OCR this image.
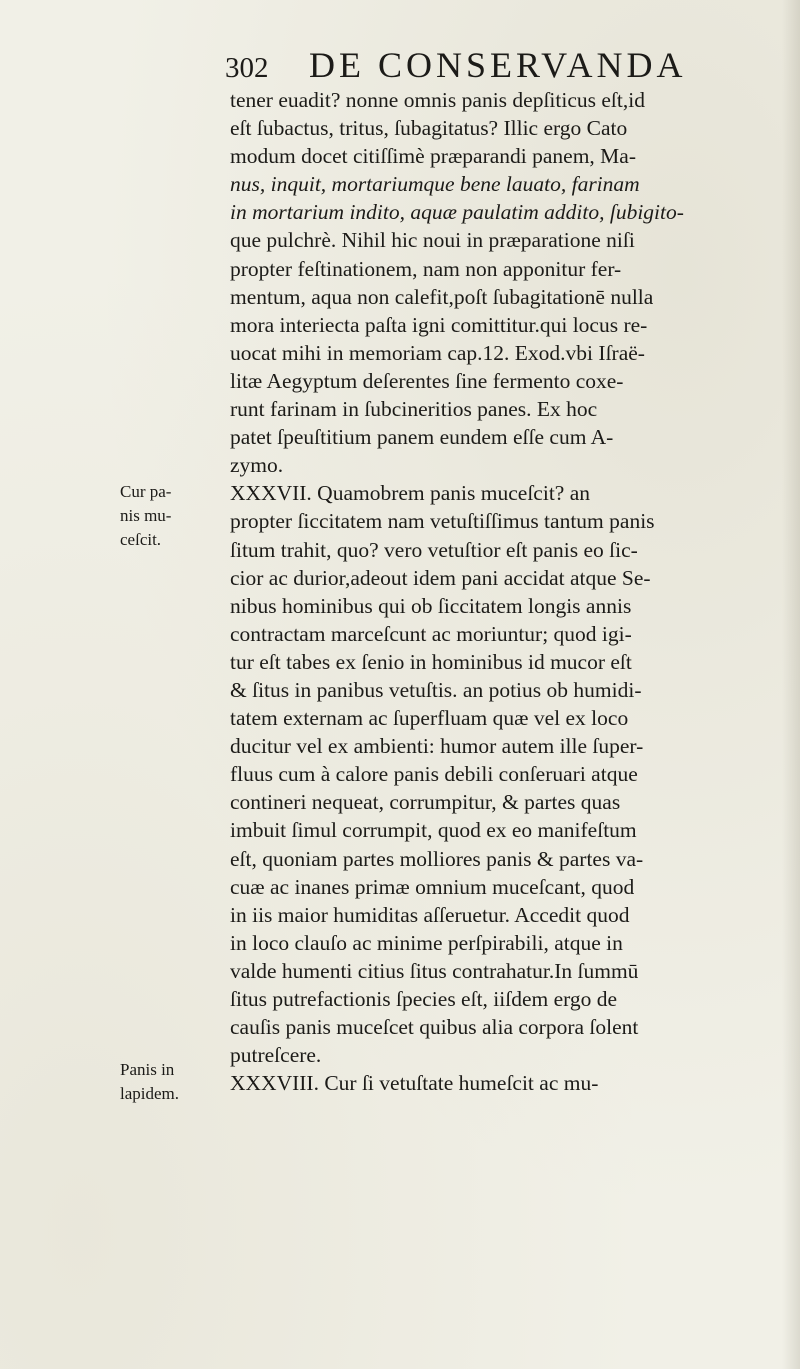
302 DE CONSERVANDA
tener euadit? nonne omnis panis depſiticus eſt,id
eſt ſubactus, tritus, ſubagitatus? Illic ergo Cato
modum docet citiſſimè præparandi panem, Ma-
nus, inquit, mortariumque bene lauato, farinam
in mortarium indito, aquæ paulatim addito, ſubigito-
que pulchrè. Nihil hic noui in præparatione niſi
propter feſtinationem, nam non apponitur fer-
mentum, aqua non calefit,poſt ſubagitationē nulla
mora interiecta paſta igni comittitur.qui locus re-
uocat mihi in memoriam cap.12. Exod.vbi Iſraë-
litæ Aegyptum deſerentes ſine fermento coxe-
runt farinam in ſubcineritios panes. Ex hoc
patet ſpeuſtitium panem eundem eſſe cum A-
zymo.
XXXVII. Quamobrem panis muceſcit? an
propter ſiccitatem nam vetuſtiſſimus tantum panis
ſitum trahit, quo? vero vetuſtior eſt panis eo ſic-
cior ac durior,adeout idem pani accidat atque Se-
nibus hominibus qui ob ſiccitatem longis annis
contractam marceſcunt ac moriuntur; quod igi-
tur eſt tabes ex ſenio in hominibus id mucor eſt
& ſitus in panibus vetuſtis. an potius ob humidi-
tatem externam ac ſuperfluam quæ vel ex loco
ducitur vel ex ambienti: humor autem ille ſuper-
fluus cum à calore panis debili conſeruari atque
contineri nequeat, corrumpitur, & partes quas
imbuit ſimul corrumpit, quod ex eo manifeſtum
eſt, quoniam partes molliores panis & partes va-
cuæ ac inanes primæ omnium muceſcant, quod
in iis maior humiditas aſſeruetur. Accedit quod
in loco clauſo ac minime perſpirabili, atque in
valde humenti citius ſitus contrahatur.In ſummū
ſitus putrefactionis ſpecies eſt, iiſdem ergo de
cauſis panis muceſcet quibus alia corpora ſolent
putreſcere.
XXXVIII. Cur ſi vetuſtate humeſcit ac mu-
Cur pa-
nis mu-
ceſcit.
Panis in
lapidem.
